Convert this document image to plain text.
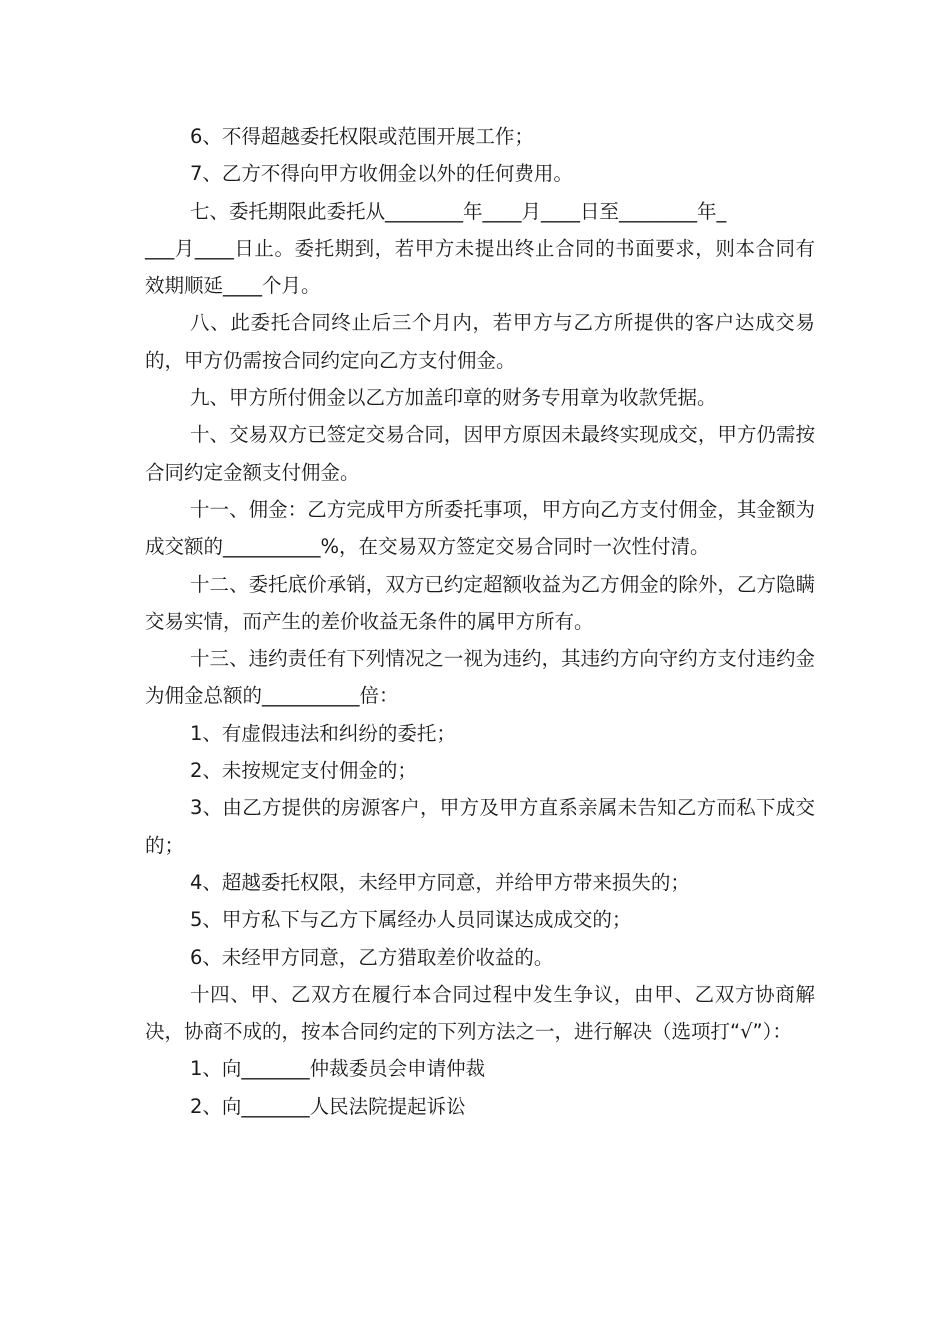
6、不得超越委托权限或范围开展工作；

7、乙方不得向甲方收佣金以外的任何费用。

七、委托期限此委托从________年____月____日至________年_
___月____日止。委托期到，若甲方未提出终止合同的书面要求，则本合同有效期顺延____个月。

八、此委托合同终止后三个月内，若甲方与乙方所提供的客户达成交易的，甲方仍需按合同约定向乙方支付佣金。

九、甲方所付佣金以乙方加盖印章的财务专用章为收款凭据。

十、交易双方已签定交易合同，因甲方原因未最终实现成交，甲方仍需按合同约定金额支付佣金。

十一、佣金：乙方完成甲方所委托事项，甲方向乙方支付佣金，其金额为成交额的__________%，在交易双方签定交易合同时一次性付清。

十二、委托底价承销，双方已约定超额收益为乙方佣金的除外，乙方隐瞒交易实情，而产生的差价收益无条件的属甲方所有。

十三、违约责任有下列情况之一视为违约，其违约方向守约方支付违约金为佣金总额的__________倍：

1、有虚假违法和纠纷的委托；

2、未按规定支付佣金的；

3、由乙方提供的房源客户，甲方及甲方直系亲属未告知乙方而私下成交的；

4、超越委托权限，未经甲方同意，并给甲方带来损失的；

5、甲方私下与乙方下属经办人员同谋达成成交的；

6、未经甲方同意，乙方猎取差价收益的。

十四、甲、乙双方在履行本合同过程中发生争议，由甲、乙双方协商解决，协商不成的，按本合同约定的下列方法之一，进行解决（选项打“√”）：

1、向_______仲裁委员会申请仲裁

2、向_______人民法院提起诉讼
